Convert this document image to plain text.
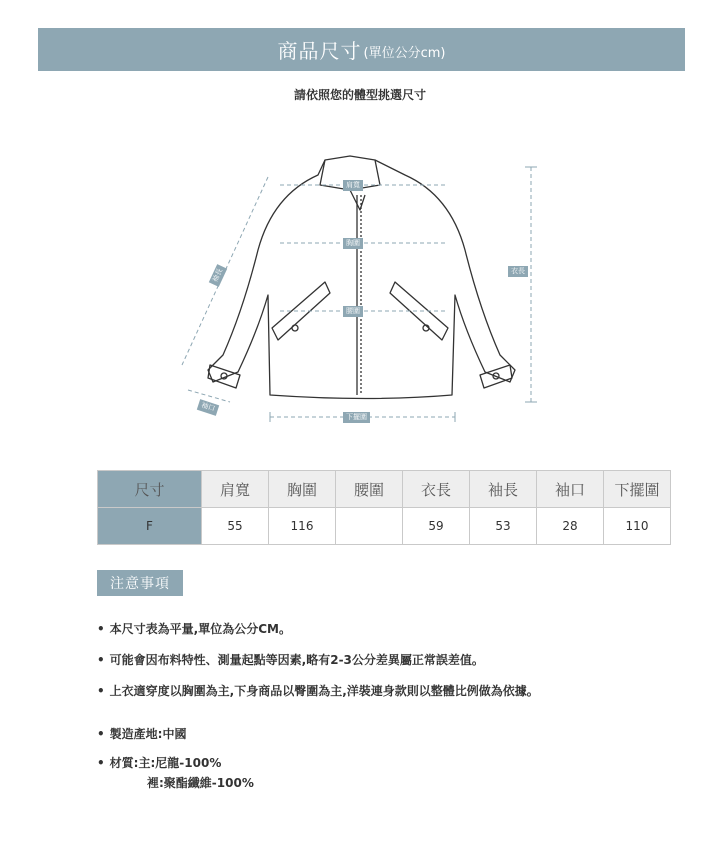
商品尺寸 (單位公分cm)
請依照您的體型挑選尺寸
肩寬
胸圍
腰圍
下擺圍
衣長
袖長
袖口
尺寸	肩寬	胸圍	腰圍	衣長	袖長	袖口	下擺圍
F	55	116		59	53	28	110
注意事項
• 本尺寸表為平量,單位為公分CM。
• 可能會因布料特性、測量起點等因素,略有2-3公分差異屬正常誤差值。
• 上衣適穿度以胸圍為主,下身商品以臀圍為主,洋裝連身款則以整體比例做為依據。
• 製造產地:中國
• 材質:主:尼龍-100%
裡:聚酯纖維-100%
